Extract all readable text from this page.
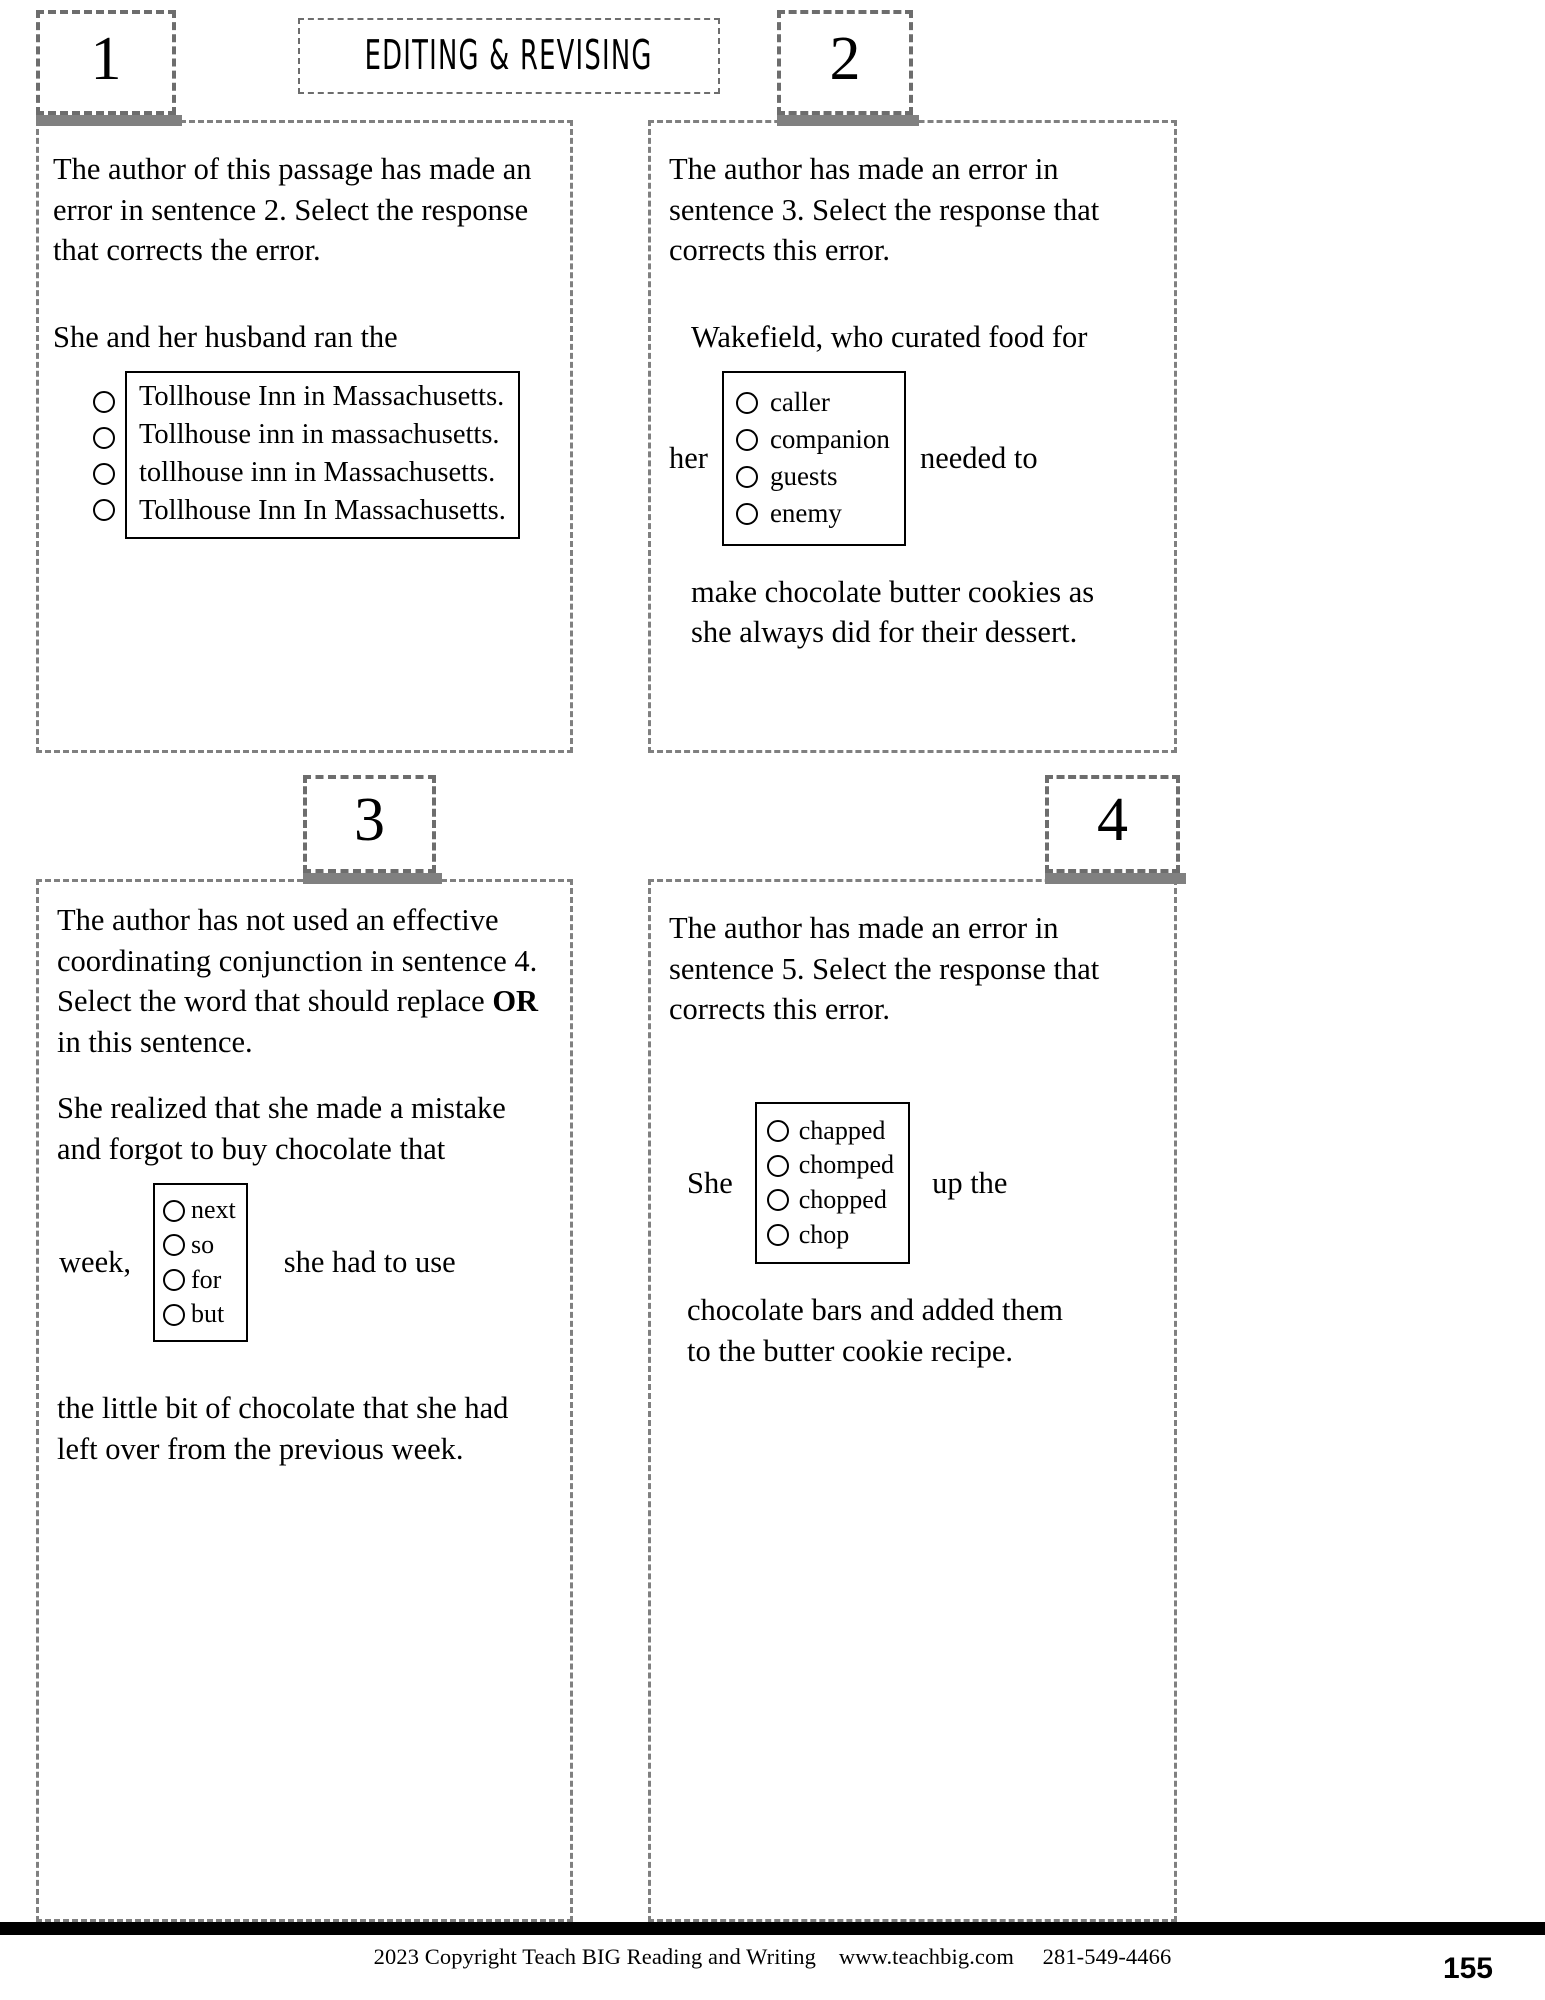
EDITING & REVISING
1

The author of this passage has made an error in sentence 2. Select the response that corrects the error.

She and her husband ran the

Tollhouse Inn in Massachusetts.
Tollhouse inn in massachusetts.
tollhouse inn in Massachusetts.
Tollhouse Inn In Massachusetts.
2

The author has made an error in sentence 3. Select the response that corrects this error.

Wakefield, who curated food for

her
caller
companion
guests
enemy
needed to

make chocolate butter cookies as

she always did for their dessert.

3

The author has not used an effective coordinating conjunction in sentence 4. Select the word that should replace OR in this sentence.

She realized that she made a mistake

and forgot to buy chocolate that

week,
next
so
for
but
she had to use

the little bit of chocolate that she had

left over from the previous week.

4

The author has made an error in sentence 5. Select the response that corrects this error.

She
chapped
chomped
chopped
chop
up the

chocolate bars and added them

to the butter cookie recipe.

2023 Copyright Teach BIG Reading and Writing www.teachbig.com 281-549-4466	155
